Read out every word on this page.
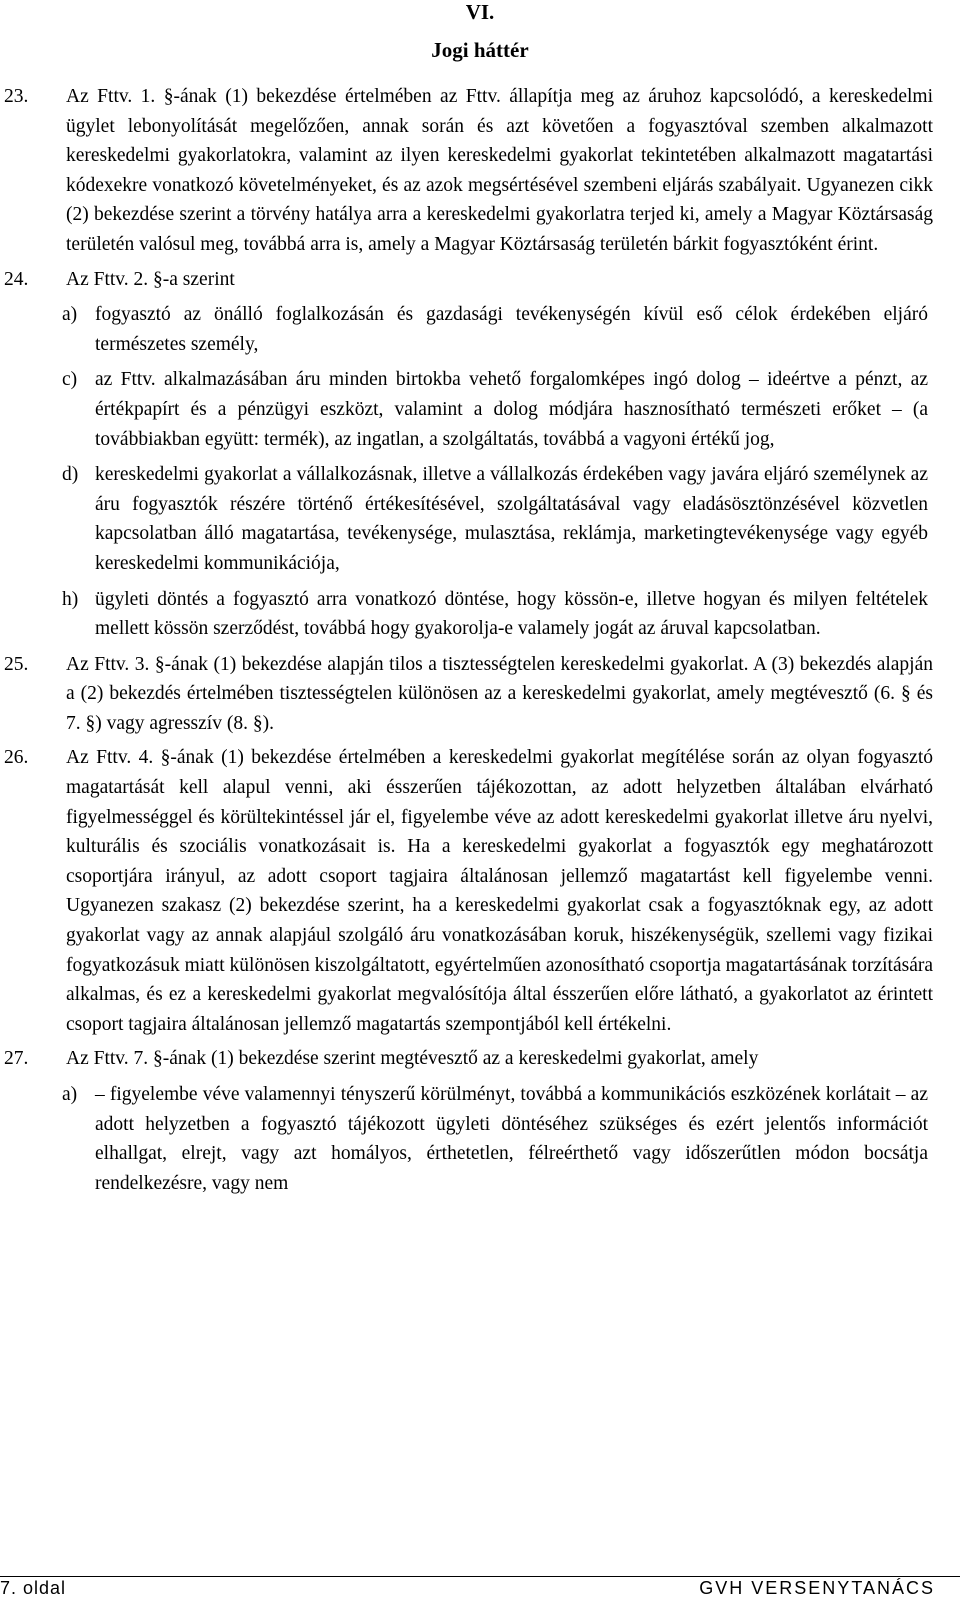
VI.
Jogi háttér
23.	Az Fttv. 1. §-ának (1) bekezdése értelmében az Fttv. állapítja meg az áruhoz kapcsolódó, a kereskedelmi ügylet lebonyolítását megelőzően, annak során és azt követően a fogyasztóval szemben alkalmazott kereskedelmi gyakorlatokra, valamint az ilyen kereskedelmi gyakorlat tekintetében alkalmazott magatartási kódexekre vonatkozó követelményeket, és az azok megsértésével szembeni eljárás szabályait. Ugyanezen cikk (2) bekezdése szerint a törvény hatálya arra a kereskedelmi gyakorlatra terjed ki, amely a Magyar Köztársaság területén valósul meg, továbbá arra is, amely a Magyar Köztársaság területén bárkit fogyasztóként érint.
24.	Az Fttv. 2. §-a szerint
a) fogyasztó az önálló foglalkozásán és gazdasági tevékenységén kívül eső célok érdekében eljáró természetes személy,
c) az Fttv. alkalmazásában áru minden birtokba vehető forgalomképes ingó dolog – ideértve a pénzt, az értékpapírt és a pénzügyi eszközt, valamint a dolog módjára hasznosítható természeti erőket – (a továbbiakban együtt: termék), az ingatlan, a szolgáltatás, továbbá a vagyoni értékű jog,
d) kereskedelmi gyakorlat a vállalkozásnak, illetve a vállalkozás érdekében vagy javára eljáró személynek az áru fogyasztók részére történő értékesítésével, szolgáltatásával vagy eladásösztönzésével közvetlen kapcsolatban álló magatartása, tevékenysége, mulasztása, reklámja, marketingtevékenysége vagy egyéb kereskedelmi kommunikációja,
h) ügyleti döntés a fogyasztó arra vonatkozó döntése, hogy kössön-e, illetve hogyan és milyen feltételek mellett kössön szerződést, továbbá hogy gyakorolja-e valamely jogát az áruval kapcsolatban.
25.	Az Fttv. 3. §-ának (1) bekezdése alapján tilos a tisztességtelen kereskedelmi gyakorlat. A (3) bekezdés alapján a (2) bekezdés értelmében tisztességtelen különösen az a kereskedelmi gyakorlat, amely megtévesztő (6. § és 7. §) vagy agresszív (8. §).
26.	Az Fttv. 4. §-ának (1) bekezdése értelmében a kereskedelmi gyakorlat megítélése során az olyan fogyasztó magatartását kell alapul venni, aki ésszerűen tájékozottan, az adott helyzetben általában elvárható figyelmességgel és körültekintéssel jár el, figyelembe véve az adott kereskedelmi gyakorlat illetve áru nyelvi, kulturális és szociális vonatkozásait is. Ha a kereskedelmi gyakorlat a fogyasztók egy meghatározott csoportjára irányul, az adott csoport tagjaira általánosan jellemző magatartást kell figyelembe venni. Ugyanezen szakasz (2) bekezdése szerint, ha a kereskedelmi gyakorlat csak a fogyasztóknak egy, az adott gyakorlat vagy az annak alapjául szolgáló áru vonatkozásában koruk, hiszékenységük, szellemi vagy fizikai fogyatkozásuk miatt különösen kiszolgáltatott, egyértelműen azonosítható csoportja magatartásának torzítására alkalmas, és ez a kereskedelmi gyakorlat megvalósítója által ésszerűen előre látható, a gyakorlatot az érintett csoport tagjaira általánosan jellemző magatartás szempontjából kell értékelni.
27.	Az Fttv. 7. §-ának (1) bekezdése szerint megtévesztő az a kereskedelmi gyakorlat, amely
a) – figyelembe véve valamennyi tényszerű körülményt, továbbá a kommunikációs eszközének korlátait – az adott helyzetben a fogyasztó tájékozott ügyleti döntéséhez szükséges és ezért jelentős információt elhallgat, elrejt, vagy azt homályos, érthetetlen, félreérthető vagy időszerűtlen módon bocsátja rendelkezésre, vagy nem
7. oldal	GVH VERSENYTANÁCS
